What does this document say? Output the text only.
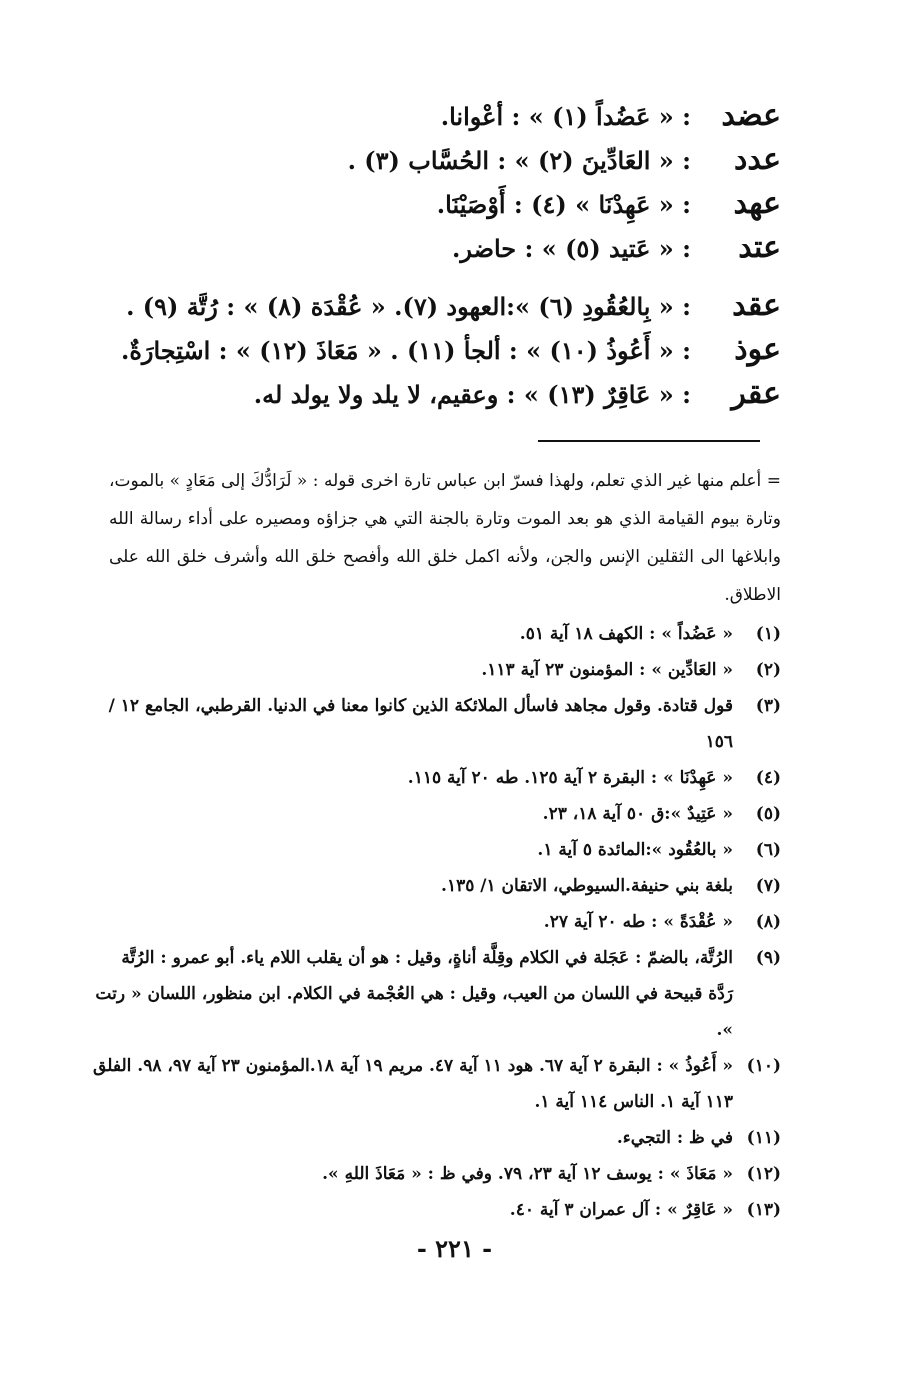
عضد
: « عَضُداً (١) » : أعْوانا.
عدد
: « العَادِّينَ (٢) » : الحُسَّاب (٣) .
عهد
: « عَهِدْنَا » (٤) : أَوْصَيْنَا.
عتد
: « عَتيد (٥) » : حاضر.
عقد
: « بِالعُقُودِ (٦) »:العهود (٧). « عُقْدَة (٨) » : رُتَّة (٩) .
عوذ
: « أَعُوذُ (١٠) » : ألجأ (١١) . « مَعَاذَ (١٢) » : اسْتِجارَةٌ.
عقر
: « عَاقِرٌ (١٣) » : وعقيم، لا يلد ولا يولد له.
= أعلم منها غير الذي تعلم، ولهذا فسرّ ابن عباس تارة اخرى قوله : « لَرَادُّكَ إلى مَعَادٍ » بالموت، وتارة بيوم القيامة الذي هو بعد الموت وتارة بالجنة التي هي جزاؤه ومصيره على أداء رسالة الله وابلاغها الى الثقلين الإنس والجن، ولأنه اكمل خلق الله وأفصح خلق الله وأشرف خلق الله على الاطلاق.
(١)
« عَضُداً » : الكهف ١٨ آية ٥١.
(٢)
« العَادِّين » : المؤمنون ٢٣ آية ١١٣.
(٣)
قول قتادة. وقول مجاهد فاسأل الملائكة الذين كانوا معنا في الدنيا. القرطبي، الجامع ١٢ / ١٥٦
(٤)
« عَهِدْنَا » : البقرة ٢ آية ١٢٥. طه ٢٠ آية ١١٥.
(٥)
« عَتِيدٌ »:ق ٥٠ آية ١٨، ٢٣.
(٦)
« بالعُقُود »:المائدة ٥ آية ١.
(٧)
بلغة بني حنيفة.السيوطي، الاتقان ١/ ١٣٥.
(٨)
« عُقْدَةً » : طه ٢٠ آية ٢٧.
(٩)
الرُتَّة، بالضمّ : عَجَلة في الكلام وقِلَّة أناةٍ، وقيل : هو أن يقلب اللام ياء. أبو عمرو : الرُتَّة رَدَّة قبيحة في اللسان من العيب، وقيل : هي العُجْمة في الكلام. ابن منظور، اللسان « رتت ».
(١٠)
« أَعُوذُ » : البقرة ٢ آية ٦٧. هود ١١ آية ٤٧. مريم ١٩ آية ١٨.المؤمنون ٢٣ آية ٩٧، ٩٨. الفلق ١١٣ آية ١. الناس ١١٤ آية ١.
(١١)
في ظ : التجيء.
(١٢)
« مَعَاذَ » : يوسف ١٢ آية ٢٣، ٧٩. وفي ظ : « مَعَاذَ اللهِ ».
(١٣)
« عَاقِرٌ » : آل عمران ٣ آية ٤٠.
- ٢٢١ -
